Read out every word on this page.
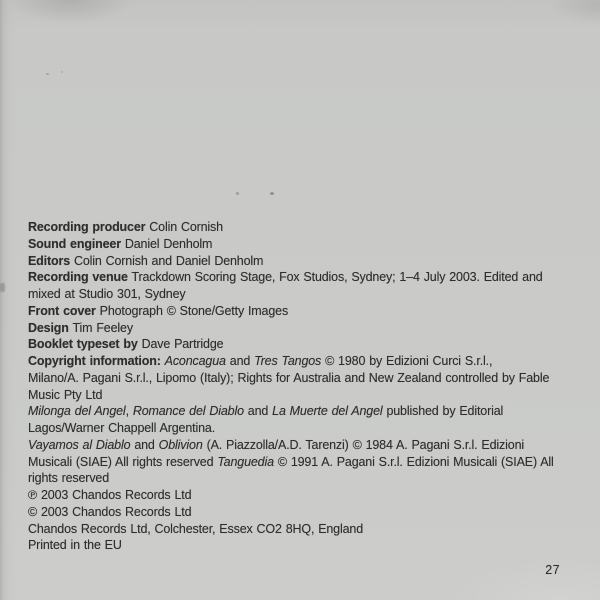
Recording producer Colin Cornish
Sound engineer Daniel Denholm
Editors Colin Cornish and Daniel Denholm
Recording venue Trackdown Scoring Stage, Fox Studios, Sydney; 1–4 July 2003. Edited and
mixed at Studio 301, Sydney
Front cover Photograph © Stone/Getty Images
Design Tim Feeley
Booklet typeset by Dave Partridge
Copyright information: Aconcagua and Tres Tangos © 1980 by Edizioni Curci S.r.l.,
Milano/A. Pagani S.r.l., Lipomo (Italy); Rights for Australia and New Zealand controlled by Fable
Music Pty Ltd
Milonga del Angel, Romance del Diablo and La Muerte del Angel published by Editorial
Lagos/Warner Chappell Argentina.
Vayamos al Diablo and Oblivion (A. Piazzolla/A.D. Tarenzi) © 1984 A. Pagani S.r.l. Edizioni
Musicali (SIAE) All rights reserved Tanguedia © 1991 A. Pagani S.r.l. Edizioni Musicali (SIAE) All
rights reserved
℗ 2003 Chandos Records Ltd
© 2003 Chandos Records Ltd
Chandos Records Ltd, Colchester, Essex CO2 8HQ, England
Printed in the EU
27
